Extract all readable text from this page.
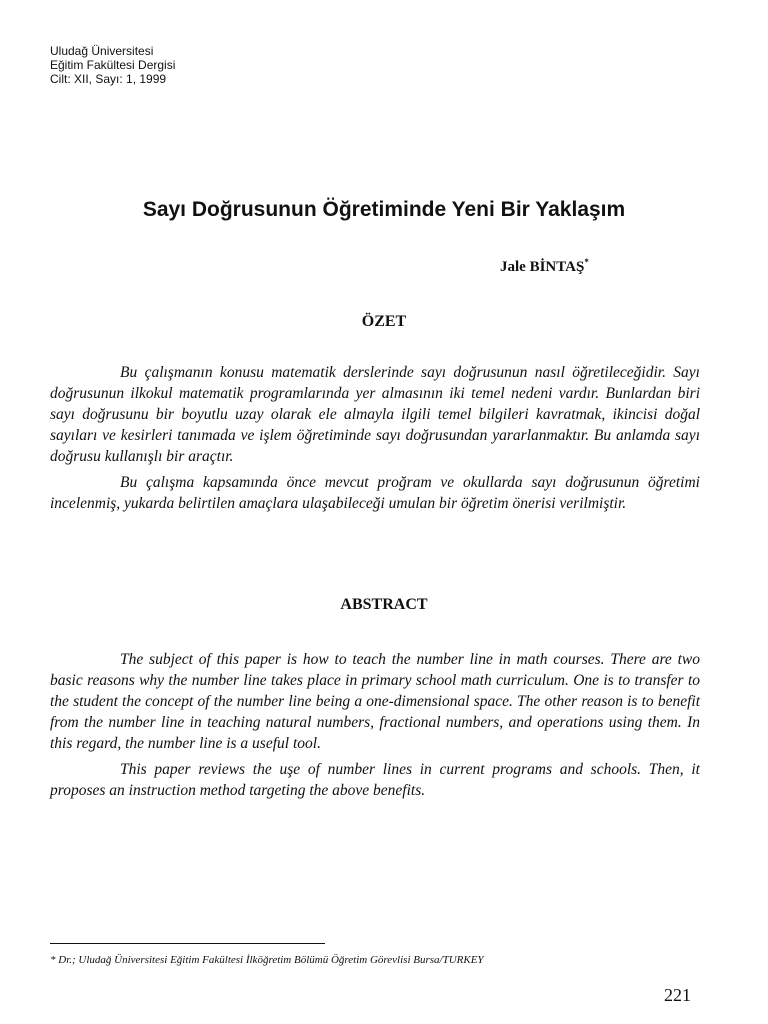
Uludağ Üniversitesi
Eğitim Fakültesi Dergisi
Cilt: XII, Sayı: 1, 1999
Sayı Doğrusunun Öğretiminde Yeni Bir Yaklaşım
Jale BİNTAŞ*
ÖZET

Bu çalışmanın konusu matematik derslerinde sayı doğrusunun nasıl öğretileceğidir. Sayı doğrusunun ilkokul matematik programlarında yer almasının iki temel nedeni vardır. Bunlardan biri sayı doğrusunu bir boyutlu uzay olarak ele almayla ilgili temel bilgileri kavratmak, ikincisi doğal sayıları ve kesirleri tanımada ve işlem öğretiminde sayı doğrusundan yararlanmaktır. Bu anlamda sayı doğrusu kullanışlı bir araçtır.

Bu çalışma kapsamında önce mevcut prоğram ve okullarda sayı doğrusunun öğretimi incelenmiş, yukarda belirtilen amaçlara ulaşabileceği umulan bir öğretim önerisi verilmiştir.

ABSTRACT

The subject of this paper is how to teach the number line in math courses. There are two basic reasons why the number line takes place in primary school math curriculum. One is to transfer to the student the concept of the number line being a one-dimensional space. The other reason is to benefit from the number line in teaching natural numbers, fractional numbers, and operations using them. In this regard, the number line is a useful tool.

This paper reviews the uşe of number lines in current programs and schools. Then, it proposes an instruction method targeting the above benefits.

* Dr.; Uludağ Üniversitesi Eğitim Fakültesi İlköğretim Bölümü Öğretim Görevlisi Bursa/TURKEY
221
